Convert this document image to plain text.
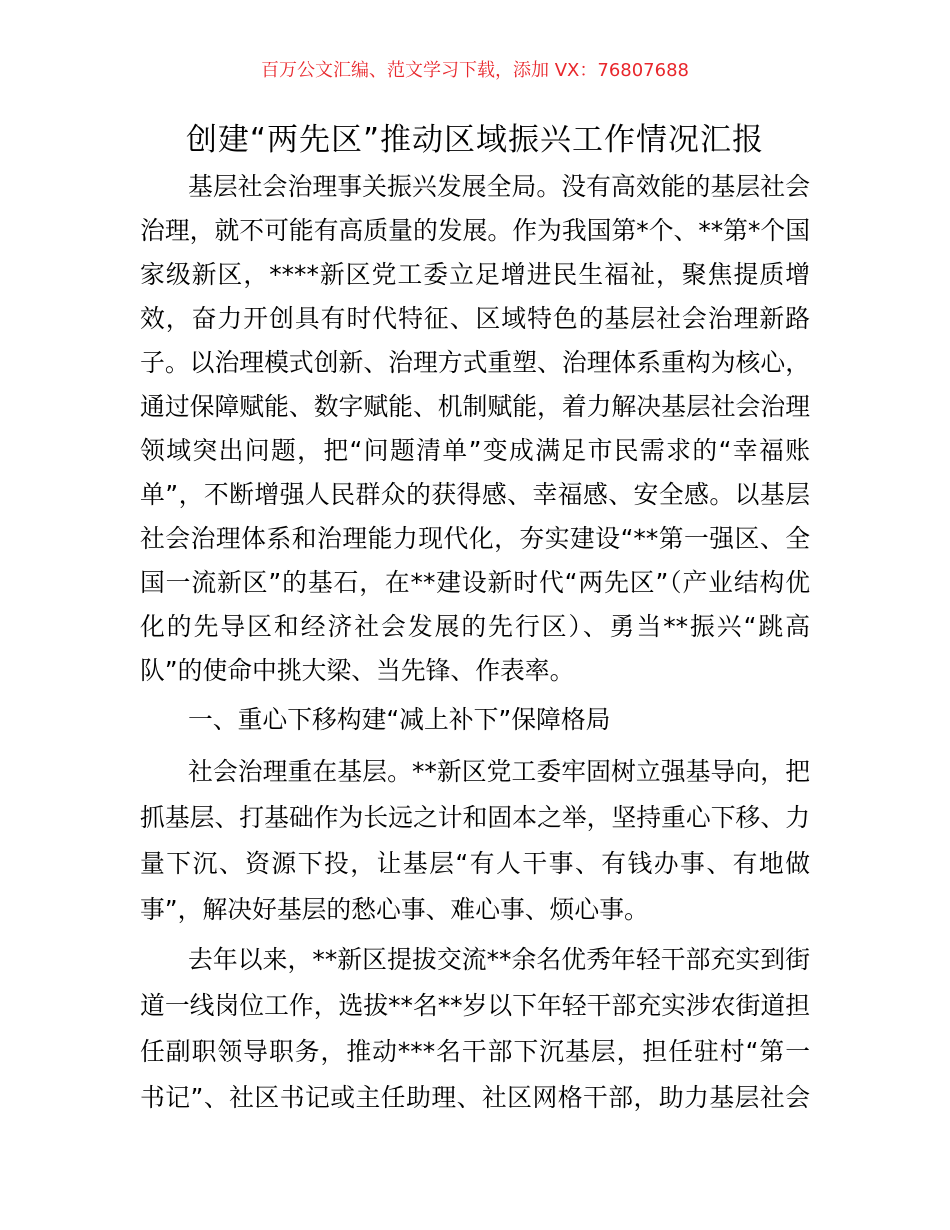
百万公文汇编、范文学习下载，添加 VX：76807688
创建“两先区”推动区域振兴工作情况汇报
基层社会治理事关振兴发展全局。没有高效能的基层社会
治理，就不可能有高质量的发展。作为我国第*个、**第*个国
家级新区，****新区党工委立足增进民生福祉，聚焦提质增
效，奋力开创具有时代特征、区域特色的基层社会治理新路
子。以治理模式创新、治理方式重塑、治理体系重构为核心，
通过保障赋能、数字赋能、机制赋能，着力解决基层社会治理
领域突出问题，把“问题清单”变成满足市民需求的“幸福账
单”，不断增强人民群众的获得感、幸福感、安全感。以基层
社会治理体系和治理能力现代化，夯实建设“**第一强区、全
国一流新区”的基石，在**建设新时代“两先区”（产业结构优
化的先导区和经济社会发展的先行区）、勇当**振兴“跳高
队”的使命中挑大梁、当先锋、作表率。
一、重心下移构建“减上补下”保障格局
社会治理重在基层。**新区党工委牢固树立强基导向，把
抓基层、打基础作为长远之计和固本之举，坚持重心下移、力
量下沉、资源下投，让基层“有人干事、有钱办事、有地做
事”，解决好基层的愁心事、难心事、烦心事。
去年以来，**新区提拔交流**余名优秀年轻干部充实到街
道一线岗位工作，选拔**名**岁以下年轻干部充实涉农街道担
任副职领导职务，推动***名干部下沉基层，担任驻村“第一
书记”、社区书记或主任助理、社区网格干部，助力基层社会
